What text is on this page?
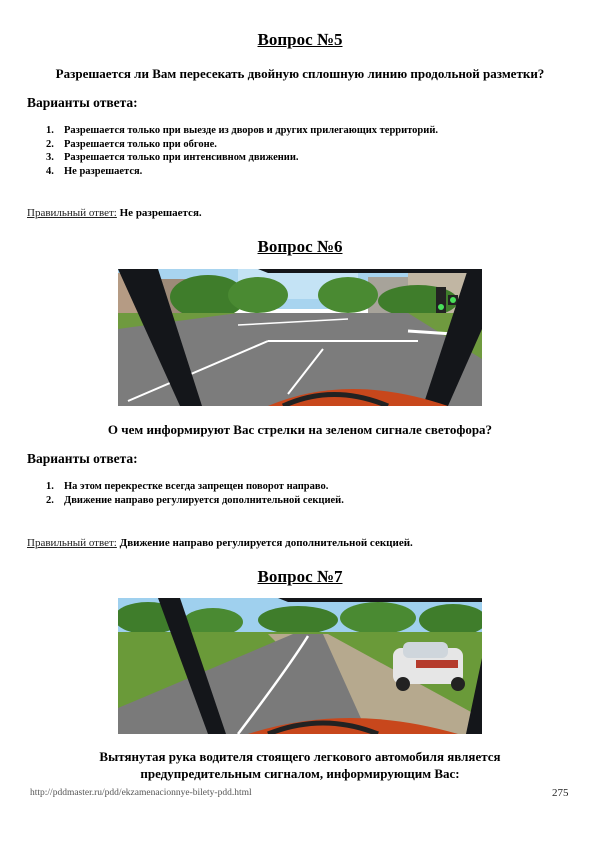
Вопрос №5
Разрешается ли Вам пересекать двойную сплошную линию продольной разметки?
Варианты ответа:
1. Разрешается только при выезде из дворов и других прилегающих территорий.
2. Разрешается только при обгоне.
3. Разрешается только при интенсивном движении.
4. Не разрешается.
Правильный ответ: Не разрешается.
Вопрос №6
О чем информируют Вас стрелки на зеленом сигнале светофора?
Варианты ответа:
1. На этом перекрестке всегда запрещен поворот направо.
2. Движение направо регулируется дополнительной секцией.
Правильный ответ: Движение направо регулируется дополнительной секцией.
Вопрос №7
Вытянутая рука водителя стоящего легкового автомобиля является
предупредительным сигналом, информирующим Вас:
http://pddmaster.ru/pdd/ekzamenacionnye-bilety-pdd.html	275
